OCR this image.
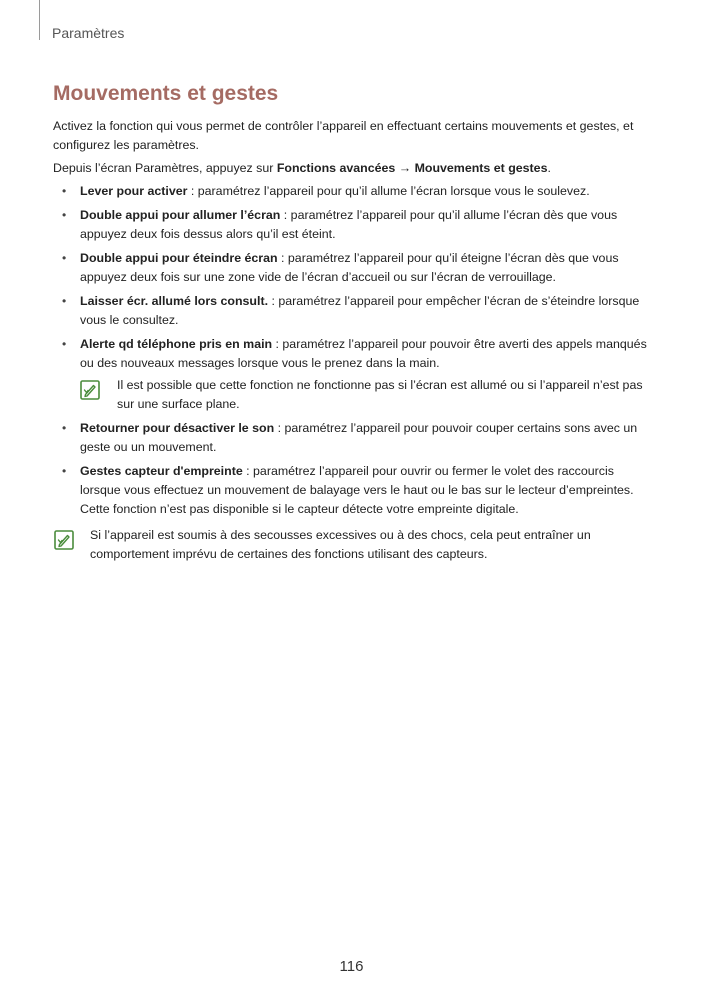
Paramètres
Mouvements et gestes

Activez la fonction qui vous permet de contrôler l’appareil en effectuant certains mouvements et gestes, et configurez les paramètres.

Depuis l’écran Paramètres, appuyez sur Fonctions avancées → Mouvements et gestes.

• Lever pour activer : paramétrez l’appareil pour qu’il allume l’écran lorsque vous le soulevez.
• Double appui pour allumer l’écran : paramétrez l’appareil pour qu’il allume l’écran dès que vous appuyez deux fois dessus alors qu’il est éteint.
• Double appui pour éteindre écran : paramétrez l’appareil pour qu’il éteigne l’écran dès que vous appuyez deux fois sur une zone vide de l’écran d’accueil ou sur l’écran de verrouillage.
• Laisser écr. allumé lors consult. : paramétrez l’appareil pour empêcher l’écran de s’éteindre lorsque vous le consultez.
• Alerte qd téléphone pris en main : paramétrez l’appareil pour pouvoir être averti des appels manqués ou des nouveaux messages lorsque vous le prenez dans la main.
Il est possible que cette fonction ne fonctionne pas si l’écran est allumé ou si l’appareil n’est pas sur une surface plane.
• Retourner pour désactiver le son : paramétrez l’appareil pour pouvoir couper certains sons avec un geste ou un mouvement.
• Gestes capteur d'empreinte : paramétrez l’appareil pour ouvrir ou fermer le volet des raccourcis lorsque vous effectuez un mouvement de balayage vers le haut ou le bas sur le lecteur d’empreintes. Cette fonction n’est pas disponible si le capteur détecte votre empreinte digitale.
Si l’appareil est soumis à des secousses excessives ou à des chocs, cela peut entraîner un comportement imprévu de certaines des fonctions utilisant des capteurs.
116
